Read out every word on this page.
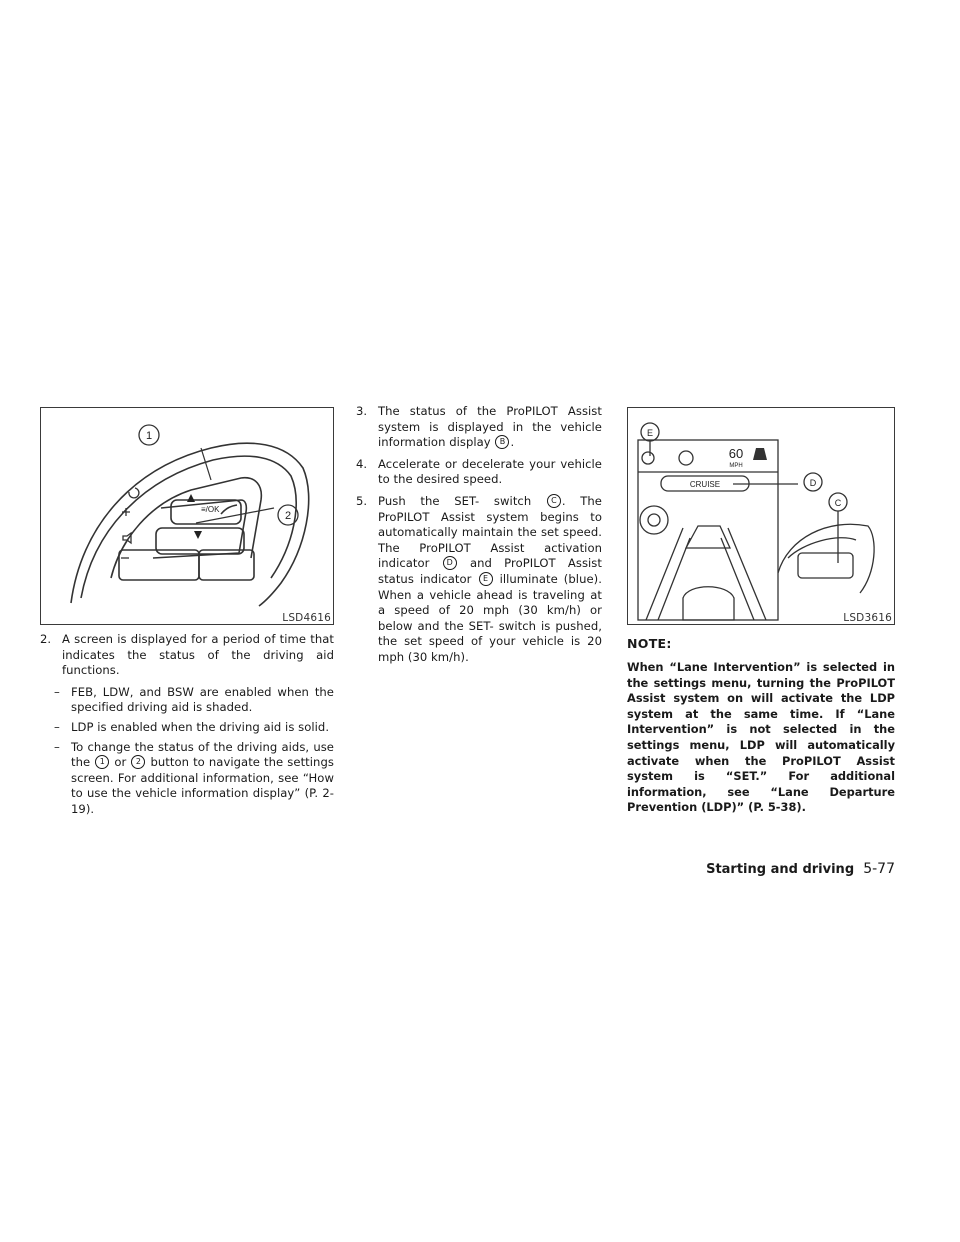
1
2
≡/OK
LSD4616
E
D
C
60
MPH
CRUISE
LSD3616
2. A screen is displayed for a period of time that indicates the status of the driving aid functions.
– FEB, LDW, and BSW are enabled when the specified driving aid is shaded.
– LDP is enabled when the driving aid is solid.
– To change the status of the driving aids, use the 1 or 2 button to navigate the settings screen. For additional information, see “How to use the vehicle information display” (P. 2-19).
3. The status of the ProPILOT Assist system is displayed in the vehicle information display B .
4. Accelerate or decelerate your vehicle to the desired speed.
5. Push the SET- switch C . The ProPILOT Assist system begins to automatically maintain the set speed. The ProPILOT Assist activation indicator D and ProPILOT Assist status indicator E illuminate (blue). When a vehicle ahead is traveling at a speed of 20 mph (30 km/h) or below and the SET- switch is pushed, the set speed of your vehicle is 20 mph (30 km/h).
NOTE:
When “Lane Intervention” is selected in the settings menu, turning the ProPILOT Assist system on will activate the LDP system at the same time. If “Lane Intervention” is not selected in the settings menu, LDP will automatically activate when the ProPILOT Assist system is “SET.” For additional information, see “Lane Departure Prevention (LDP)” (P. 5-38).
Starting and driving 5-77
